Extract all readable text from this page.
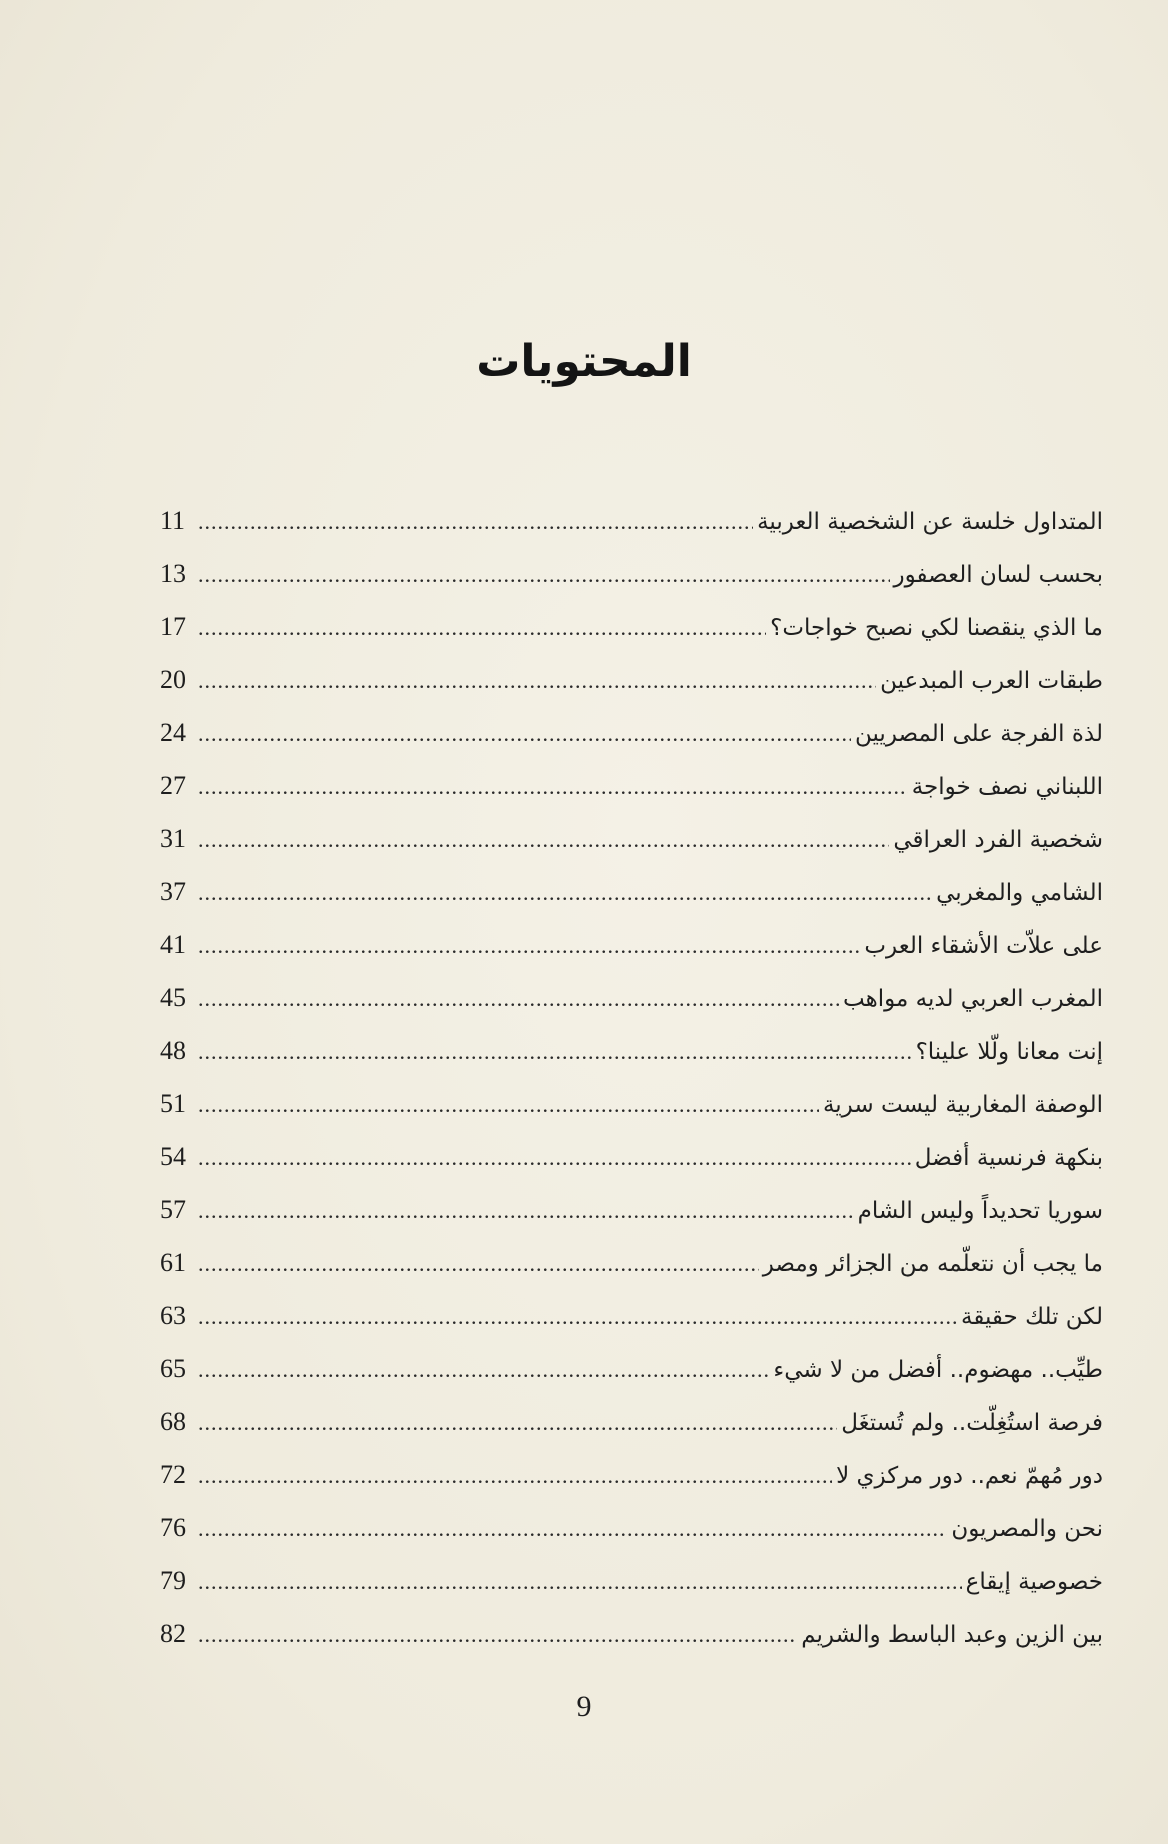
المحتويات
المتداول خلسة عن الشخصية العربية
.....
11
بحسب لسان العصفور
.....
13
ما الذي ينقصنا لكي نصبح خواجات؟
.....
17
طبقات العرب المبدعين
.....
20
لذة الفرجة على المصريين
.....
24
اللبناني نصف خواجة
.....
27
شخصية الفرد العراقي
.....
31
الشامي والمغربي
.....
37
على علاّت الأشقاء العرب
.....
41
المغرب العربي لديه مواهب
.....
45
إنت معانا ولّلا علينا؟
.....
48
الوصفة المغاربية ليست سرية
.....
51
بنكهة فرنسية أفضل
.....
54
سوريا تحديداً وليس الشام
.....
57
ما يجب أن نتعلّمه من الجزائر ومصر
.....
61
لكن تلك حقيقة
.....
63
طيِّب.. مهضوم.. أفضل من لا شيء
.....
65
فرصة استُغِلّت.. ولم تُستغَل
.....
68
دور مُهمّ نعم.. دور مركزي لا
.....
72
نحن والمصريون
.....
76
خصوصية إيقاع
.....
79
بين الزين وعبد الباسط والشريم
.....
82
9
